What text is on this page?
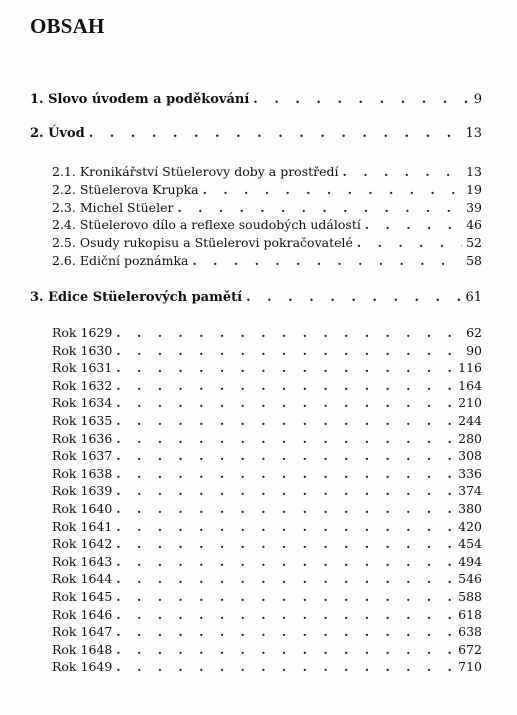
OBSAH
1. Slovo úvodem a poděkování . . .	9
2. Úvod . . .	13
2.1. Kronikářství Stüelerovy doby a prostředí . . .	13
2.2. Stüelerova Krupka . . .	19
2.3. Michel Stüeler . . .	39
2.4. Stüelerovo dílo a reflexe soudobých událostí . . .	46
2.5. Osudy rukopisu a Stüelerovi pokračovatelé . . .	52
2.6. Ediční poznámka . . .	58
3. Edice Stüelerových pamětí . . .	61
Rok 1629 . . .	62
Rok 1630 . . .	90
Rok 1631 . . .	116
Rok 1632 . . .	164
Rok 1634 . . .	210
Rok 1635 . . .	244
Rok 1636 . . .	280
Rok 1637 . . .	308
Rok 1638 . . .	336
Rok 1639 . . .	374
Rok 1640 . . .	380
Rok 1641 . . .	420
Rok 1642 . . .	454
Rok 1643 . . .	494
Rok 1644 . . .	546
Rok 1645 . . .	588
Rok 1646 . . .	618
Rok 1647 . . .	638
Rok 1648 . . .	672
Rok 1649 . . .	710
